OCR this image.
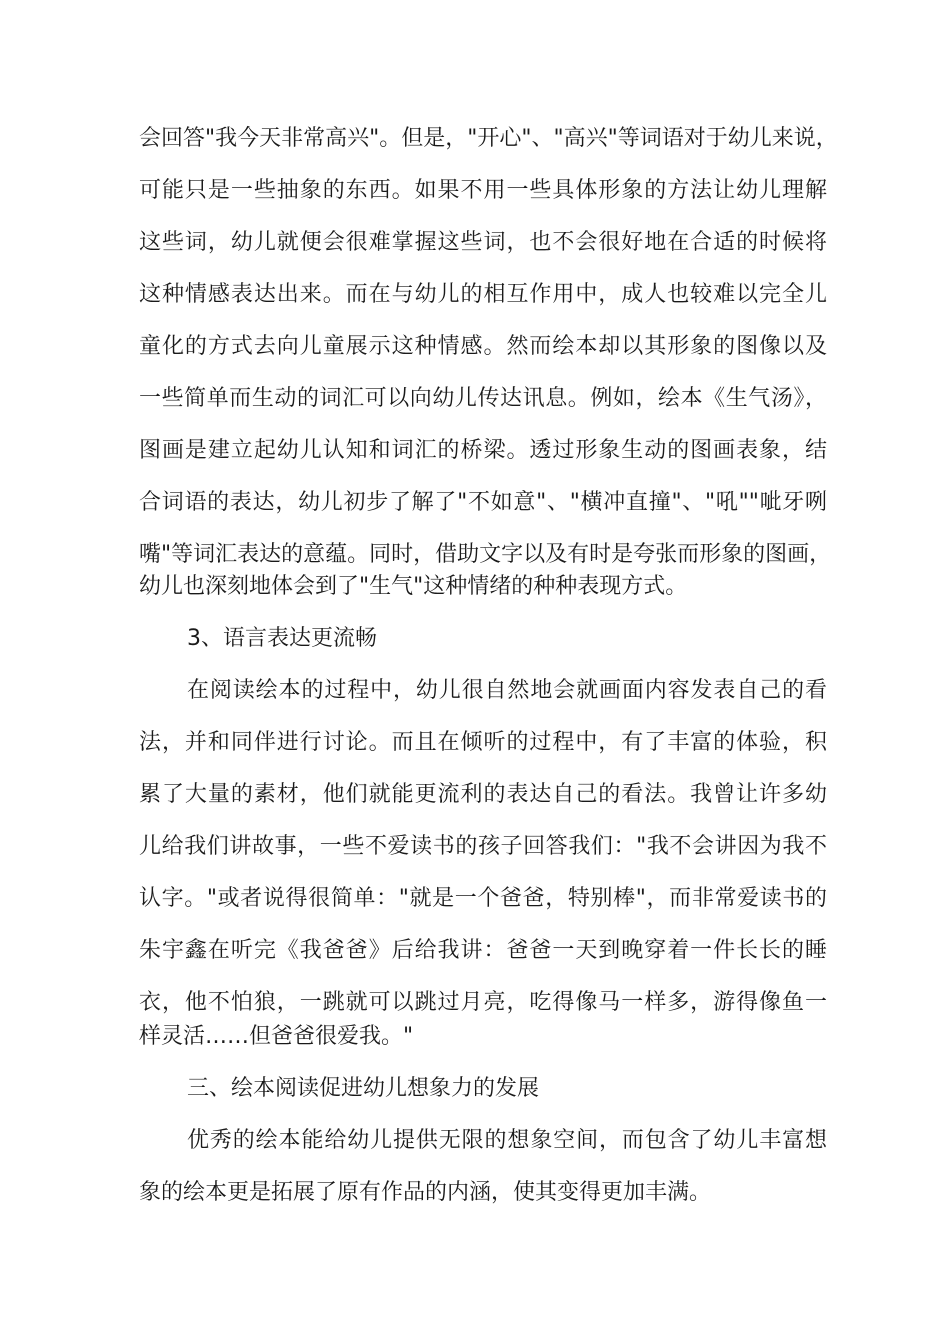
会回答"我今天非常高兴"。但是，"开心"、"高兴"等词语对于幼儿来说，
可能只是一些抽象的东西。如果不用一些具体形象的方法让幼儿理解
这些词，幼儿就便会很难掌握这些词，也不会很好地在合适的时候将
这种情感表达出来。而在与幼儿的相互作用中，成人也较难以完全儿
童化的方式去向儿童展示这种情感。然而绘本却以其形象的图像以及
一些简单而生动的词汇可以向幼儿传达讯息。例如，绘本《生气汤》，
图画是建立起幼儿认知和词汇的桥梁。透过形象生动的图画表象，结
合词语的表达，幼儿初步了解了"不如意"、"横冲直撞"、"吼""呲牙咧
嘴"等词汇表达的意蕴。同时，借助文字以及有时是夸张而形象的图画，
幼儿也深刻地体会到了"生气"这种情绪的种种表现方式。
3、语言表达更流畅
在阅读绘本的过程中，幼儿很自然地会就画面内容发表自己的看
法，并和同伴进行讨论。而且在倾听的过程中，有了丰富的体验，积
累了大量的素材，他们就能更流利的表达自己的看法。我曾让许多幼
儿给我们讲故事，一些不爱读书的孩子回答我们："我不会讲因为我不
认字。"或者说得很简单："就是一个爸爸，特别棒"，而非常爱读书的
朱宇鑫在听完《我爸爸》后给我讲：爸爸一天到晚穿着一件长长的睡
衣，他不怕狼，一跳就可以跳过月亮，吃得像马一样多，游得像鱼一
样灵活……但爸爸很爱我。"
三、绘本阅读促进幼儿想象力的发展
优秀的绘本能给幼儿提供无限的想象空间，而包含了幼儿丰富想
象的绘本更是拓展了原有作品的内涵，使其变得更加丰满。
